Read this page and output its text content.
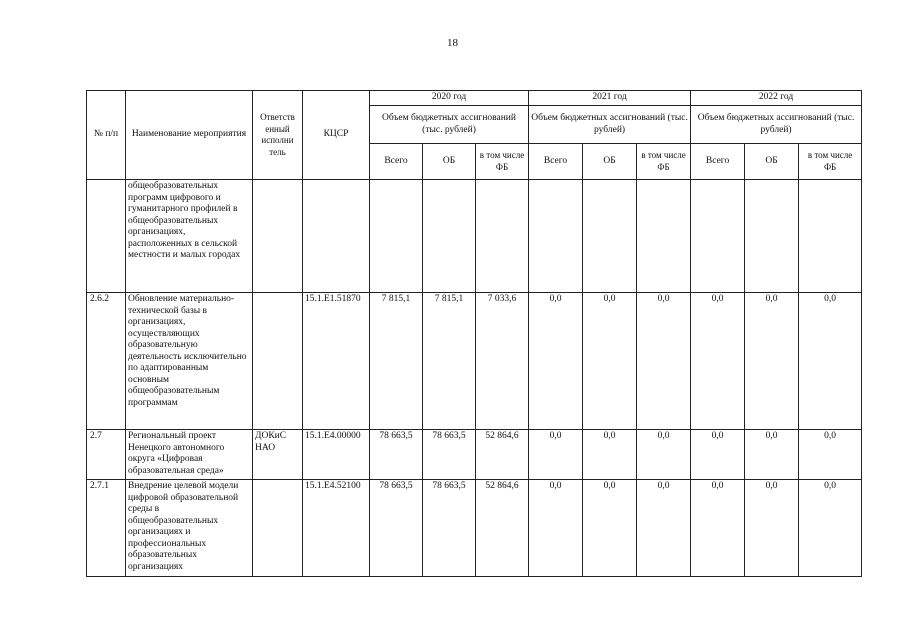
18
№ п/п	Наименование мероприятия	Ответств енный исполни тель	КЦСР	2020 год			2021 год			2022 год		
				Объем бюджетных ассигнований (тыс. рублей)			Объем бюджетных ассигнований (тыс. рублей)			Объем бюджетных ассигнований (тыс. рублей)		
				Всего	ОБ	в том числе ФБ	Всего	ОБ	в том числе ФБ	Всего	ОБ	в том числе ФБ
	общеобразовательных программ цифрового и гуманитарного профилей в общеобразовательных организациях, расположенных в сельской местности и малых городах											
2.6.2	Обновление материально-технической базы в организациях, осуществляющих образовательную деятельность исключительно по адаптированным основным общеобразовательным программам		15.1.E1.51870	7 815,1	7 815,1	7 033,6	0,0	0,0	0,0	0,0	0,0	0,0
2.7	Региональный проект Ненецкого автономного округа «Цифровая образовательная среда»	ДОКиС НАО	15.1.E4.00000	78 663,5	78 663,5	52 864,6	0,0	0,0	0,0	0,0	0,0	0,0
2.7.1	Внедрение целевой модели цифровой образовательной среды в общеобразовательных организациях и профессиональных образовательных организациях		15.1.E4.52100	78 663,5	78 663,5	52 864,6	0,0	0,0	0,0	0,0	0,0	0,0
